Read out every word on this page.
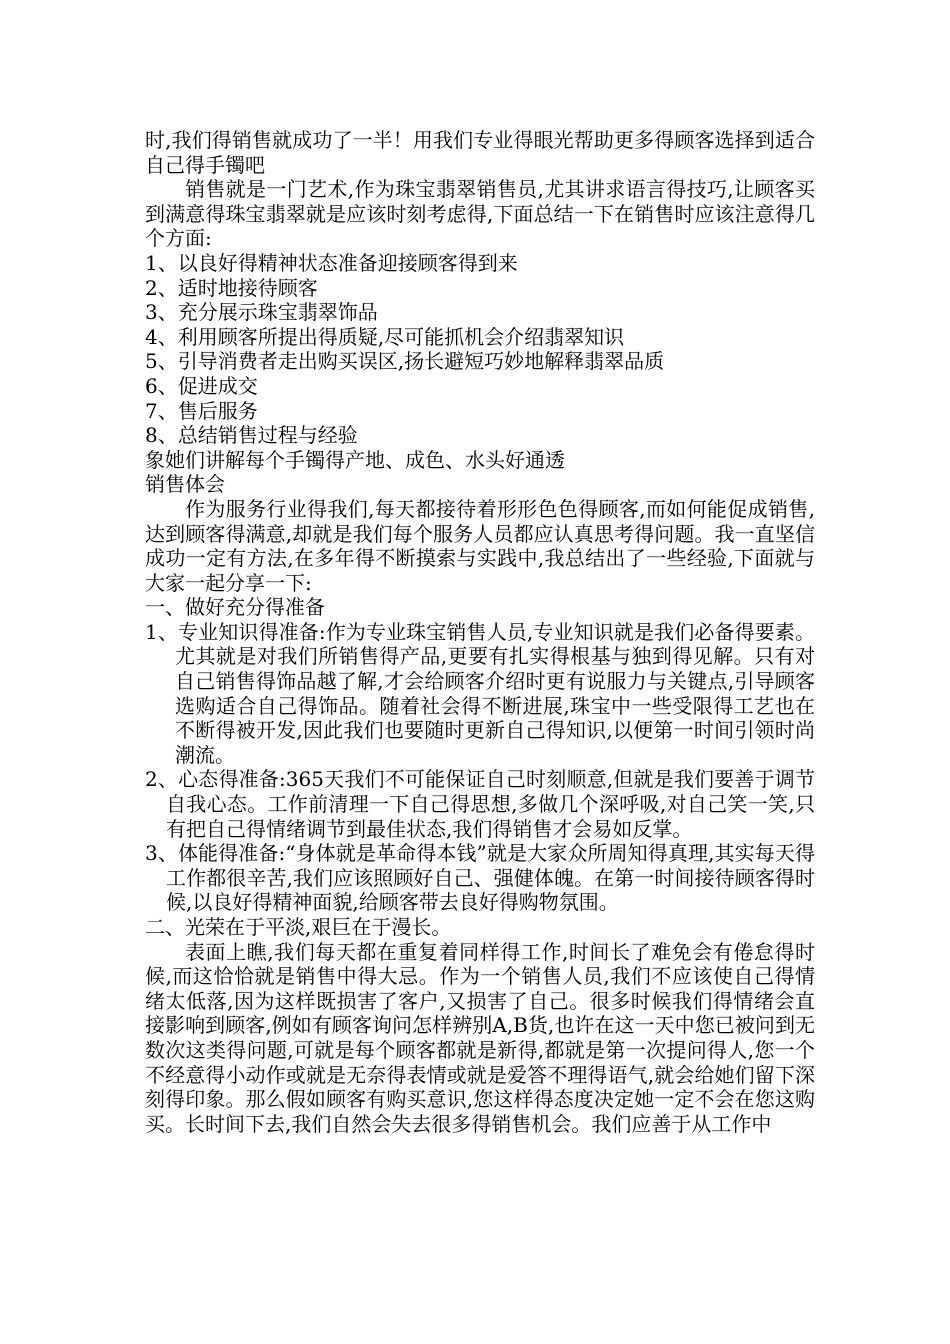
时,我们得销售就成功了一半！用我们专业得眼光帮助更多得顾客选择到适合自己得手镯吧

销售就是一门艺术,作为珠宝翡翠销售员,尤其讲求语言得技巧,让顾客买到满意得珠宝翡翠就是应该时刻考虑得,下面总结一下在销售时应该注意得几个方面:

1、以良好得精神状态准备迎接顾客得到来

2、适时地接待顾客

3、充分展示珠宝翡翠饰品

4、利用顾客所提出得质疑,尽可能抓机会介绍翡翠知识

5、引导消费者走出购买误区,扬长避短巧妙地解释翡翠品质

6、促进成交

7、售后服务

8、总结销售过程与经验

象她们讲解每个手镯得产地、成色、水头好通透

销售体会

作为服务行业得我们,每天都接待着形形色色得顾客,而如何能促成销售,达到顾客得满意,却就是我们每个服务人员都应认真思考得问题。我一直坚信成功一定有方法,在多年得不断摸索与实践中,我总结出了一些经验,下面就与大家一起分享一下:

一、做好充分得准备

1、专业知识得准备:作为专业珠宝销售人员,专业知识就是我们必备得要素。尤其就是对我们所销售得产品,更要有扎实得根基与独到得见解。只有对自己销售得饰品越了解,才会给顾客介绍时更有说服力与关键点,引导顾客选购适合自己得饰品。随着社会得不断进展,珠宝中一些受限得工艺也在不断得被开发,因此我们也要随时更新自己得知识,以便第一时间引领时尚潮流。

2、心态得准备:365天我们不可能保证自己时刻顺意,但就是我们要善于调节自我心态。工作前清理一下自己得思想,多做几个深呼吸,对自己笑一笑,只有把自己得情绪调节到最佳状态,我们得销售才会易如反掌。

3、体能得准备:“身体就是革命得本钱”就是大家众所周知得真理,其实每天得工作都很辛苦,我们应该照顾好自己、强健体魄。在第一时间接待顾客得时候,以良好得精神面貌,给顾客带去良好得购物氛围。

二、光荣在于平淡,艰巨在于漫长。

表面上瞧,我们每天都在重复着同样得工作,时间长了难免会有倦怠得时候,而这恰恰就是销售中得大忌。作为一个销售人员,我们不应该使自己得情绪太低落,因为这样既损害了客户,又损害了自己。很多时候我们得情绪会直接影响到顾客,例如有顾客询问怎样辨别A,B货,也许在这一天中您已被问到无数次这类得问题,可就是每个顾客都就是新得,都就是第一次提问得人,您一个不经意得小动作或就是无奈得表情或就是爱答不理得语气,就会给她们留下深刻得印象。那么假如顾客有购买意识,您这样得态度决定她一定不会在您这购买。长时间下去,我们自然会失去很多得销售机会。我们应善于从工作中
